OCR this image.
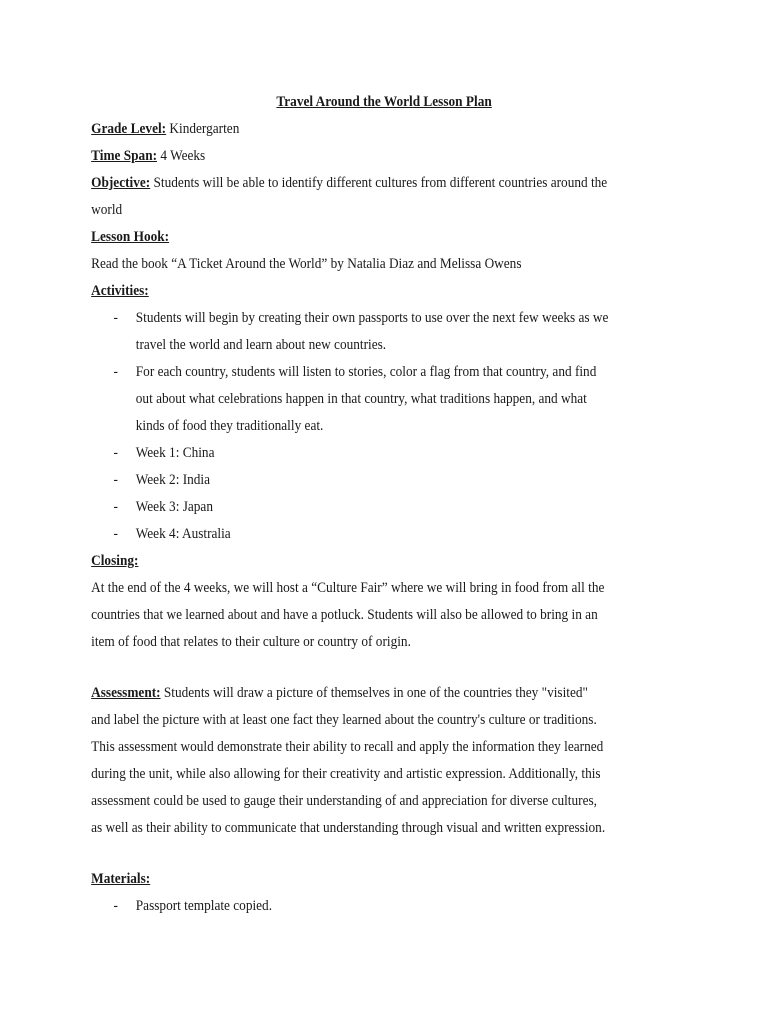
Travel Around the World Lesson Plan
Grade Level: Kindergarten
Time Span: 4 Weeks
Objective: Students will be able to identify different cultures from different countries around the
world
Lesson Hook:
Read the book “A Ticket Around the World” by Natalia Diaz and Melissa Owens
Activities:
- Students will begin by creating their own passports to use over the next few weeks as we
travel the world and learn about new countries.
- For each country, students will listen to stories, color a flag from that country, and find
out about what celebrations happen in that country, what traditions happen, and what
kinds of food they traditionally eat.
- Week 1: China
- Week 2: India
- Week 3: Japan
- Week 4: Australia
Closing:
At the end of the 4 weeks, we will host a “Culture Fair” where we will bring in food from all the
countries that we learned about and have a potluck. Students will also be allowed to bring in an
item of food that relates to their culture or country of origin.
Assessment: Students will draw a picture of themselves in one of the countries they "visited"
and label the picture with at least one fact they learned about the country's culture or traditions.
This assessment would demonstrate their ability to recall and apply the information they learned
during the unit, while also allowing for their creativity and artistic expression. Additionally, this
assessment could be used to gauge their understanding of and appreciation for diverse cultures,
as well as their ability to communicate that understanding through visual and written expression.
Materials:
- Passport template copied.
